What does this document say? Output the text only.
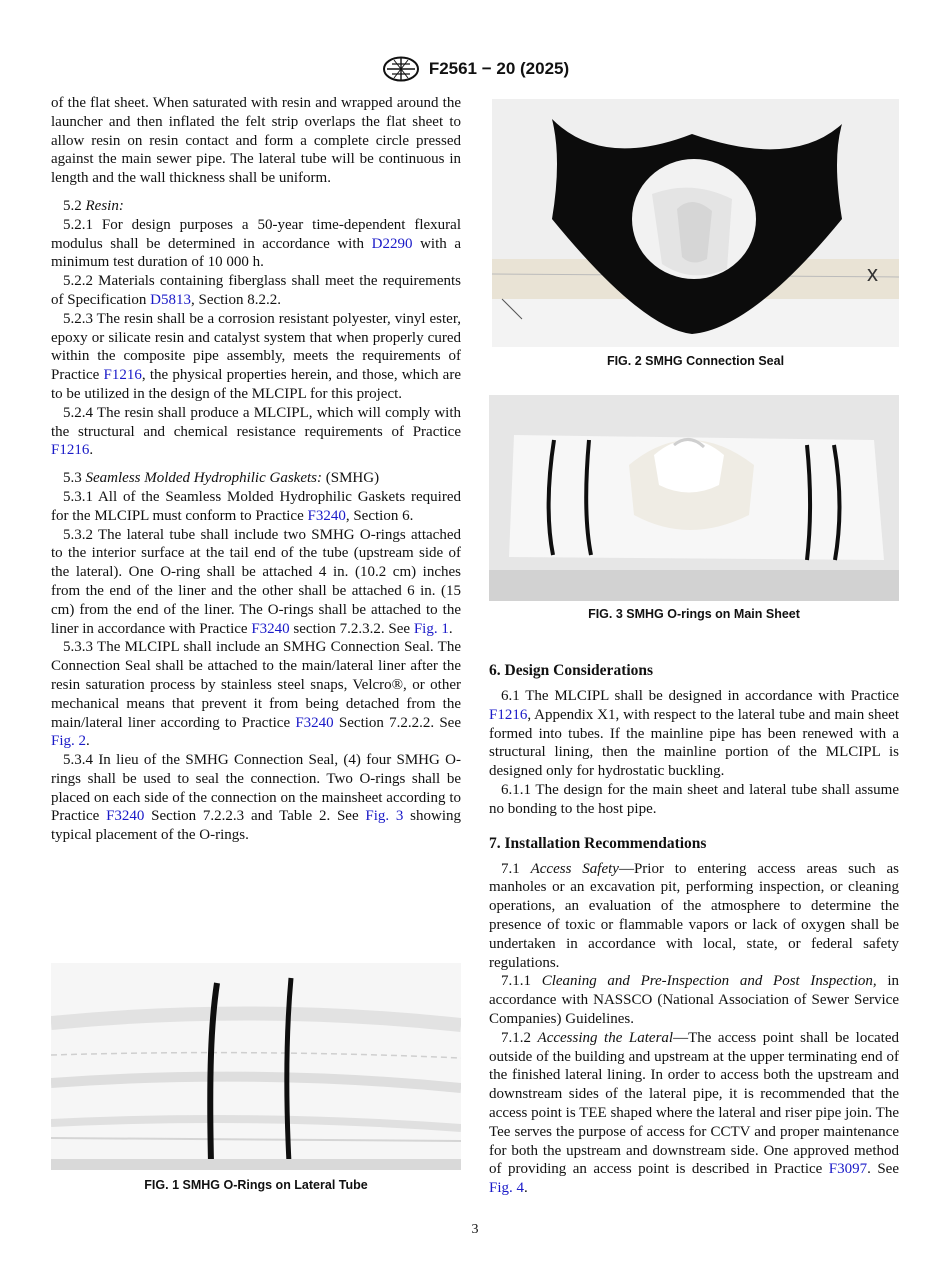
F2561 − 20 (2025)

of the flat sheet. When saturated with resin and wrapped around the launcher and then inflated the felt strip overlaps the flat sheet to allow resin on resin contact and form a complete circle pressed against the main sewer pipe. The lateral tube will be continuous in length and the wall thickness shall be uniform.

5.2 Resin:

5.2.1 For design purposes a 50-year time-dependent flexural modulus shall be determined in accordance with D2290 with a minimum test duration of 10 000 h.

5.2.2 Materials containing fiberglass shall meet the requirements of Specification D5813, Section 8.2.2.

5.2.3 The resin shall be a corrosion resistant polyester, vinyl ester, epoxy or silicate resin and catalyst system that when properly cured within the composite pipe assembly, meets the requirements of Practice F1216, the physical properties herein, and those, which are to be utilized in the design of the MLCIPL for this project.

5.2.4 The resin shall produce a MLCIPL, which will comply with the structural and chemical resistance requirements of Practice F1216.

5.3 Seamless Molded Hydrophilic Gaskets: (SMHG)

5.3.1 All of the Seamless Molded Hydrophilic Gaskets required for the MLCIPL must conform to Practice F3240, Section 6.

5.3.2 The lateral tube shall include two SMHG O-rings attached to the interior surface at the tail end of the tube (upstream side of the lateral). One O-ring shall be attached 4 in. (10.2 cm) inches from the end of the liner and the other shall be attached 6 in. (15 cm) from the end of the liner. The O-rings shall be attached to the liner in accordance with Practice F3240 section 7.2.3.2. See Fig. 1.

5.3.3 The MLCIPL shall include an SMHG Connection Seal. The Connection Seal shall be attached to the main/lateral liner after the resin saturation process by stainless steel snaps, Velcro®, or other mechanical means that prevent it from being detached from the main/lateral liner according to Practice F3240 Section 7.2.2.2. See Fig. 2.

5.3.4 In lieu of the SMHG Connection Seal, (4) four SMHG O-rings shall be used to seal the connection. Two O-rings shall be placed on each side of the connection on the mainsheet according to Practice F3240 Section 7.2.2.3 and Table 2. See Fig. 3 showing typical placement of the O-rings.

FIG. 1 SMHG O-Rings on Lateral Tube
x
FIG. 2 SMHG Connection Seal
FIG. 3 SMHG O-rings on Main Sheet
6. Design Considerations

6.1 The MLCIPL shall be designed in accordance with Practice F1216, Appendix X1, with respect to the lateral tube and main sheet formed into tubes. If the mainline pipe has been renewed with a structural lining, then the mainline portion of the MLCIPL is designed only for hydrostatic buckling.

6.1.1 The design for the main sheet and lateral tube shall assume no bonding to the host pipe.

7. Installation Recommendations

7.1 Access Safety—Prior to entering access areas such as manholes or an excavation pit, performing inspection, or cleaning operations, an evaluation of the atmosphere to determine the presence of toxic or flammable vapors or lack of oxygen shall be undertaken in accordance with local, state, or federal safety regulations.

7.1.1 Cleaning and Pre-Inspection and Post Inspection, in accordance with NASSCO (National Association of Sewer Service Companies) Guidelines.

7.1.2 Accessing the Lateral—The access point shall be located outside of the building and upstream at the upper terminating end of the finished lateral lining. In order to access both the upstream and downstream sides of the lateral pipe, it is recommended that the access point is TEE shaped where the lateral and riser pipe join. The Tee serves the purpose of access for CCTV and proper maintenance for both the upstream and downstream side. One approved method of providing an access point is described in Practice F3097. See Fig. 4.

3
